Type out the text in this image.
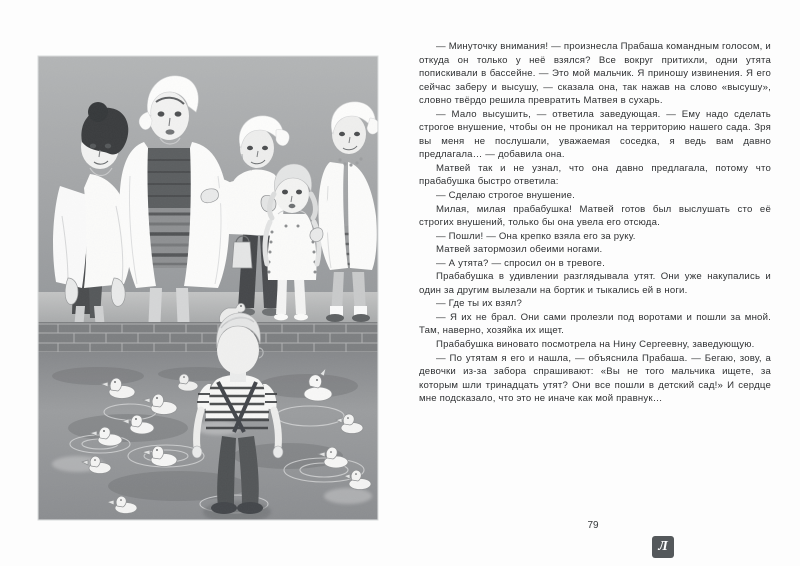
— Минуточку внимания! — произнесла Прабаша командным голосом, и откуда он только у неё взялся? Все вокруг притихли, одни утята попискивали в бассейне. — Это мой мальчик. Я приношу извинения. Я его сейчас заберу и высушу, — сказала она, так нажав на слово «высушу», словно твёрдо решила превратить Матвея в сухарь.

— Мало высушить, — ответила заведующая. — Ему надо сделать строгое внушение, чтобы он не проникал на территорию нашего сада. Зря вы меня не послушали, уважаемая соседка, я ведь вам давно предлагала… — добавила она.

Матвей так и не узнал, что она давно предлагала, потому что прабабушка быстро ответила:

— Сделаю строгое внушение.

Милая, милая прабабушка! Матвей готов был выслушать сто её строгих внушений, только бы она увела его отсюда.

— Пошли! — Она крепко взяла его за руку.

Матвей затормозил обеими ногами.

— А утята? — спросил он в тревоге.

Прабабушка в удивлении разглядывала утят. Они уже накупались и один за другим вылезали на бортик и тыкались ей в ноги.

— Где ты их взял?

— Я их не брал. Они сами пролезли под воротами и пошли за мной. Там, наверно, хозяйка их ищет.

Прабабушка виновато посмотрела на Нину Сергеевну, заведующую.

— По утятам я его и нашла, — объяснила Прабаша. — Бегаю, зову, а девочки из-за забора спрашивают: «Вы не того мальчика ищете, за которым шли тринадцать утят? Они все пошли в детский сад!» И сердце мне подсказало, что это не иначе как мой правнук…

79
Л
